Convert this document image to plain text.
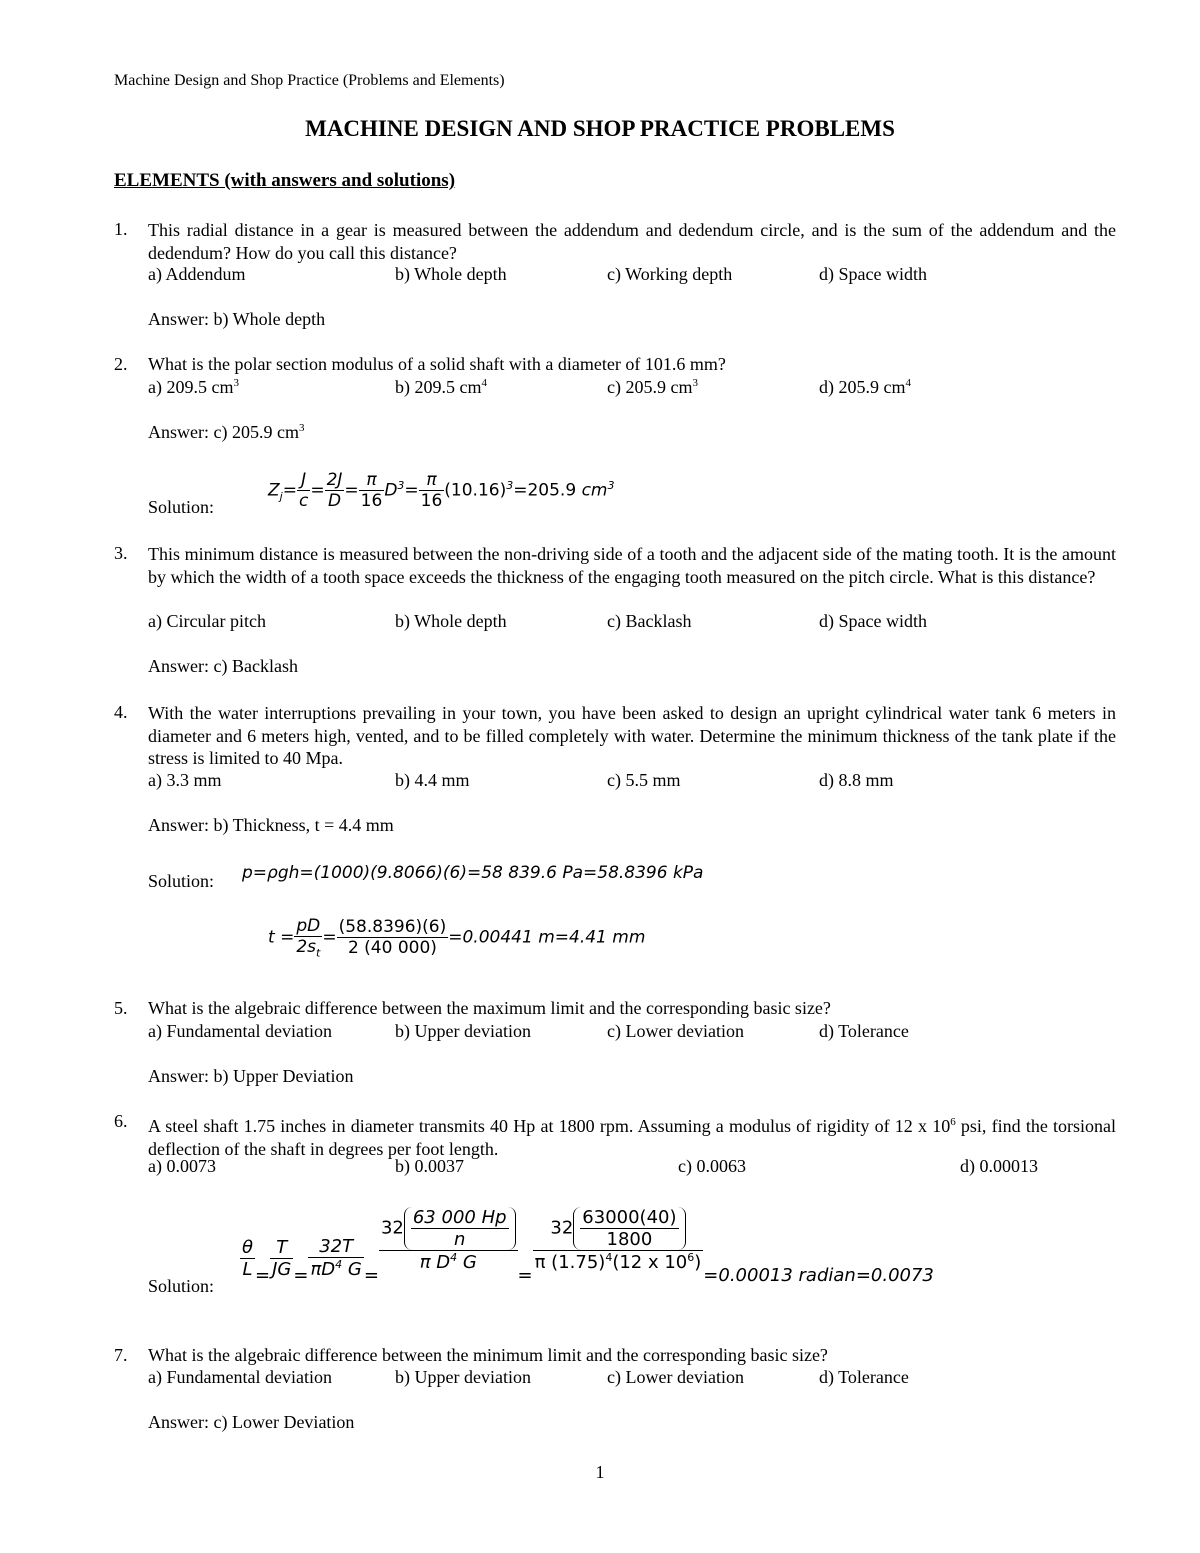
Machine Design and Shop Practice (Problems and Elements)
MACHINE DESIGN AND SHOP PRACTICE PROBLEMS
ELEMENTS (with answers and solutions)
1.	This radial distance in a gear is measured between the addendum and dedendum circle, and is the sum of the addendum and the dedendum? How do you call this distance?
a) Addendum	b) Whole depth	c) Working depth	d) Space width
Answer: b) Whole depth
2.	What is the polar section modulus of a solid shaft with a diameter of 101.6 mm?
a) 209.5 $cm^3$	b) 209.5 $cm^4$	c) 205.9 $cm^3$	d) 205.9 $cm^4$
Answer: c) 205.9 $cm^3$
Solution:
$Z_j= \frac{J}{c} = \frac{2J}{D} = \frac{\pi}{16} D^3= \frac{\pi}{16} (10.16)^3=205.9$ $cm^3$
3.	This minimum distance is measured between the non-driving side of a tooth and the adjacent side of the mating tooth. It is the amount by which the width of a tooth space exceeds the thickness of the engaging tooth measured on the pitch circle. What is this distance?
a) Circular pitch	b) Whole depth	c) Backlash	d) Space width
Answer: c) Backlash
4.	With the water interruptions prevailing in your town, you have been asked to design an upright cylindrical water tank 6 meters in diameter and 6 meters high, vented, and to be filled completely with water. Determine the minimum thickness of the tank plate if the stress is limited to 40 Mpa.
a) 3.3 mm	b) 4.4 mm	c) 5.5 mm	d) 8.8 mm
Answer: b) Thickness, t = 4.4 mm
Solution: p=ρgh=(1000)(9.8066)(6)=58 839.6 Pa=58.8396 kPa
$t = \frac{pD}{2s_t} = \frac{(58.8396)(6)}{2 (40 000)} =0.00441$ m=4.41 mm
5.	What is the algebraic difference between the maximum limit and the corresponding basic size?
a) Fundamental deviation	b) Upper deviation	c) Lower deviation	d) Tolerance
Answer: b) Upper Deviation
6.	A steel shaft 1.75 inches in diameter transmits 40 Hp at 1800 rpm. Assuming a modulus of rigidity of 12 x $10^6$ psi, find the torsional deflection of the shaft in degrees per foot length.
a) 0.0073	b) 0.0037	c) 0.0063	d) 0.00013
Solution:
$\frac{\theta}{L} = \frac{T}{JG} = \frac{32T}{\pi D^4 G}$ =
$\frac{32 \frac{63 000 Hp}{n}}{\pi D^4 G}$
=
$\frac{32 \frac{63000(40)}{1800}}{\pi (1.75)^4(12 x 10^6)}$
=0.00013 radian=0.0073
7.	What is the algebraic difference between the minimum limit and the corresponding basic size?
a) Fundamental deviation	b) Upper deviation	c) Lower deviation	d) Tolerance
Answer: c) Lower Deviation
1
